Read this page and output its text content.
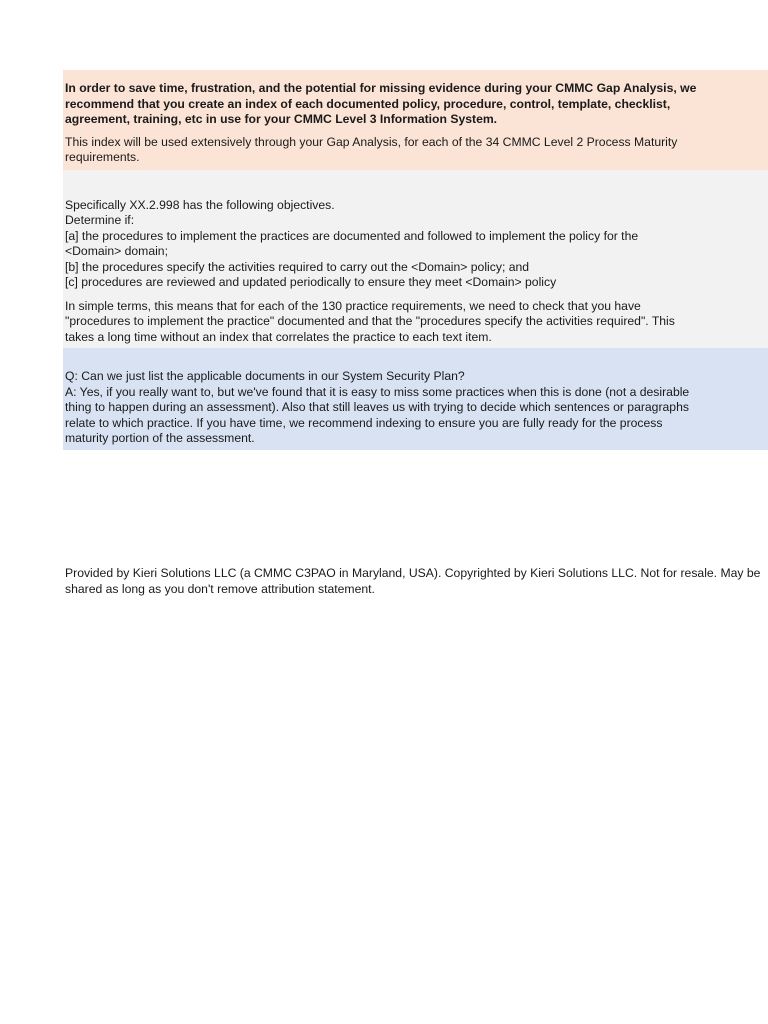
In order to save time, frustration, and the potential for missing evidence during your CMMC Gap Analysis, we
recommend that you create an index of each documented policy, procedure, control, template, checklist,
agreement, training, etc in use for your CMMC Level 3 Information System.

This index will be used extensively through your Gap Analysis, for each of the 34 CMMC Level 2 Process Maturity
requirements.

Specifically XX.2.998 has the following objectives.
Determine if:
[a] the procedures to implement the practices are documented and followed to implement the policy for the
<Domain> domain;
[b] the procedures specify the activities required to carry out the <Domain> policy; and
[c] procedures are reviewed and updated periodically to ensure they meet <Domain> policy

In simple terms, this means that for each of the 130 practice requirements, we need to check that you have
"procedures to implement the practice" documented and that the "procedures specify the activities required". This
takes a long time without an index that correlates the practice to each text item.

Q: Can we just list the applicable documents in our System Security Plan?
A: Yes, if you really want to, but we've found that it is easy to miss some practices when this is done (not a desirable
thing to happen during an assessment). Also that still leaves us with trying to decide which sentences or paragraphs
relate to which practice. If you have time, we recommend indexing to ensure you are fully ready for the process
maturity portion of the assessment.

Provided by Kieri Solutions LLC (a CMMC C3PAO in Maryland, USA). Copyrighted by Kieri Solutions LLC. Not for resale. May be
shared as long as you don't remove attribution statement.
